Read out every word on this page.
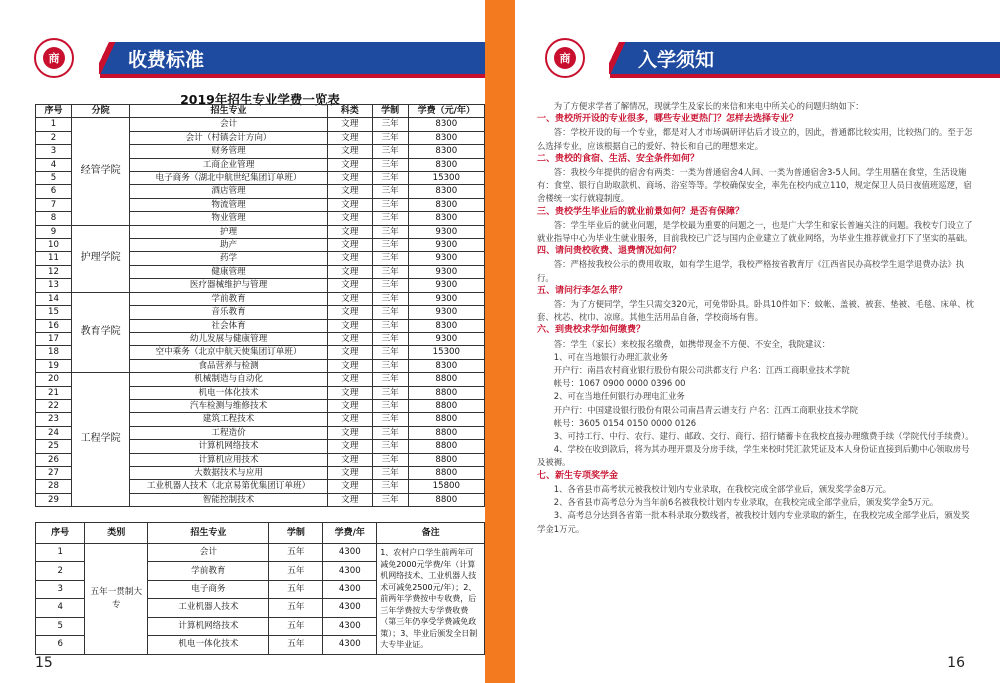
商	收费标准
2019年招生专业学费一览表
序号	分院	招生专业	科类	学制	学费（元/年）
1	经管学院	会计	文理	三年	8300
2		会计（村镇会计方向）	文理	三年	8300
3		财务管理	文理	三年	8300
4		工商企业管理	文理	三年	8300
5		电子商务（湖北中航世纪集团订单班）	文理	三年	15300
6		酒店管理	文理	三年	8300
7		物流管理	文理	三年	8300
8		物业管理	文理	三年	8300
9	护理学院	护理	文理	三年	9300
10		助产	文理	三年	9300
11		药学	文理	三年	9300
12		健康管理	文理	三年	9300
13		医疗器械维护与管理	文理	三年	9300
14	教育学院	学前教育	文理	三年	9300
15		音乐教育	文理	三年	9300
16		社会体育	文理	三年	8300
17		幼儿发展与健康管理	文理	三年	9300
18		空中乘务（北京中航天使集团订单班）	文理	三年	15300
19		食品营养与检测	文理	三年	8300
20	工程学院	机械制造与自动化	文理	三年	8800
21		机电一体化技术	文理	三年	8800
22		汽车检测与维修技术	文理	三年	8800
23		建筑工程技术	文理	三年	8800
24		工程造价	文理	三年	8800
25		计算机网络技术	文理	三年	8800
26		计算机应用技术	文理	三年	8800
27		大数据技术与应用	文理	三年	8800
28		工业机器人技术（北京易第优集团订单班）	文理	三年	15800
29		智能控制技术	文理	三年	8800
序号	类别	招生专业	学制	学费/年	备注
1	五年一贯制大专	会计	五年	4300	1、农村户口学生前两年可减免2000元学费/年（计算机网络技术、工业机器人技术可减免2500元/年）；2、前两年学费按中专收费，后三年学费按大专学费收费（第三年仍享受学费减免政策）；3、毕业后颁发全日制大专毕业证。
2		学前教育	五年	4300	
3		电子商务	五年	4300	
4		工业机器人技术	五年	4300	
5		计算机网络技术	五年	4300	
6		机电一体化技术	五年	4300	
15
商	入学须知

为了方便求学者了解情况，现就学生及家长的来信和来电中所关心的问题归纳如下：

一、贵校所开设的专业很多，哪些专业更热门？怎样去选择专业？

答：学校开设的每一个专业，都是对人才市场调研评估后才设立的，因此，普通都比较实用，比较热门的。至于怎么选择专业，应该根据自己的爱好、特长和自己的理想来定。

二、贵校的食宿、生活、安全条件如何？

答：我校今年提供的宿舍有两类：一类为普通宿舍4人间、一类为普通宿舍3-5人间。学生用膳在食堂，生活设施有：食堂、银行自助取款机、商场、浴室等等。学校确保安全，率先在校内成立110，规定保卫人员日夜值班巡逻，宿舍楼统一实行就寝制度。

三、贵校学生毕业后的就业前景如何？是否有保障？

答：学生毕业后的就业问题，是学校最为重要的问题之一，也是广大学生和家长普遍关注的问题。我校专门设立了就业指导中心为毕业生就业服务，目前我校已广泛与国内企业建立了就业网络，为毕业生推荐就业打下了坚实的基础。

四、请问贵校收费、退费情况如何？

答：严格按我校公示的费用收取，如有学生退学，我校严格按省教育厅《江西省民办高校学生退学退费办法》执行。

五、请问行李怎么带？

答：为了方便同学，学生只需交320元，可免带卧具。卧具10件如下：蚊帐、盖被、被套、垫被、毛毯、床单、枕套、枕芯、枕巾、凉席。其他生活用品自备，学校商场有售。

六、到贵校求学如何缴费？

答：学生（家长）来校报名缴费，如携带现金不方便、不安全，我院建议：

1、可在当地银行办理汇款业务

开户行：南昌农村商业银行股份有限公司洪都支行 户名：江西工商职业技术学院

帐号：1067 0900 0000 0396 00

2、可在当地任何银行办理电汇业务

开户行：中国建设银行股份有限公司南昌青云谱支行 户名：江西工商职业技术学院

帐号：3605 0154 0150 0000 0126

3、可持工行、中行、农行、建行、邮政、交行、商行、招行储蓄卡在我校直接办理缴费手续（学院代付手续费）。

4、学校在收到款后，将为其办理开票及分房手续，学生来校时凭汇款凭证及本人身份证直接到后勤中心领取房号及被褥。

七、新生专项奖学金

1、各省县市高考状元被我校计划内专业录取，在我校完成全部学业后，颁发奖学金8万元。

2、各省县市高考总分为当年前6名被我校计划内专业录取，在我校完成全部学业后，颁发奖学金5万元。

3、高考总分达到各省第一批本科录取分数线者，被我校计划内专业录取的新生，在我校完成全部学业后，颁发奖学金1万元。

16
